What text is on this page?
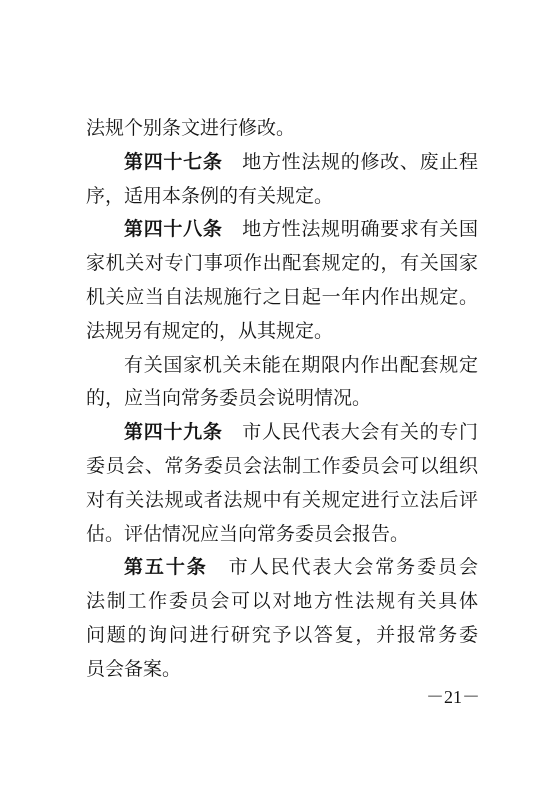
法规个别条文进行修改。
第四十七条 地方性法规的修改、废止程
序，适用本条例的有关规定。
第四十八条 地方性法规明确要求有关国
家机关对专门事项作出配套规定的，有关国家
机关应当自法规施行之日起一年内作出规定。
法规另有规定的，从其规定。
有关国家机关未能在期限内作出配套规定
的，应当向常务委员会说明情况。
第四十九条 市人民代表大会有关的专门
委员会、常务委员会法制工作委员会可以组织
对有关法规或者法规中有关规定进行立法后评
估。评估情况应当向常务委员会报告。
第五十条 市人民代表大会常务委员会
法制工作委员会可以对地方性法规有关具体
问题的询问进行研究予以答复，并报常务委
员会备案。
－21－
